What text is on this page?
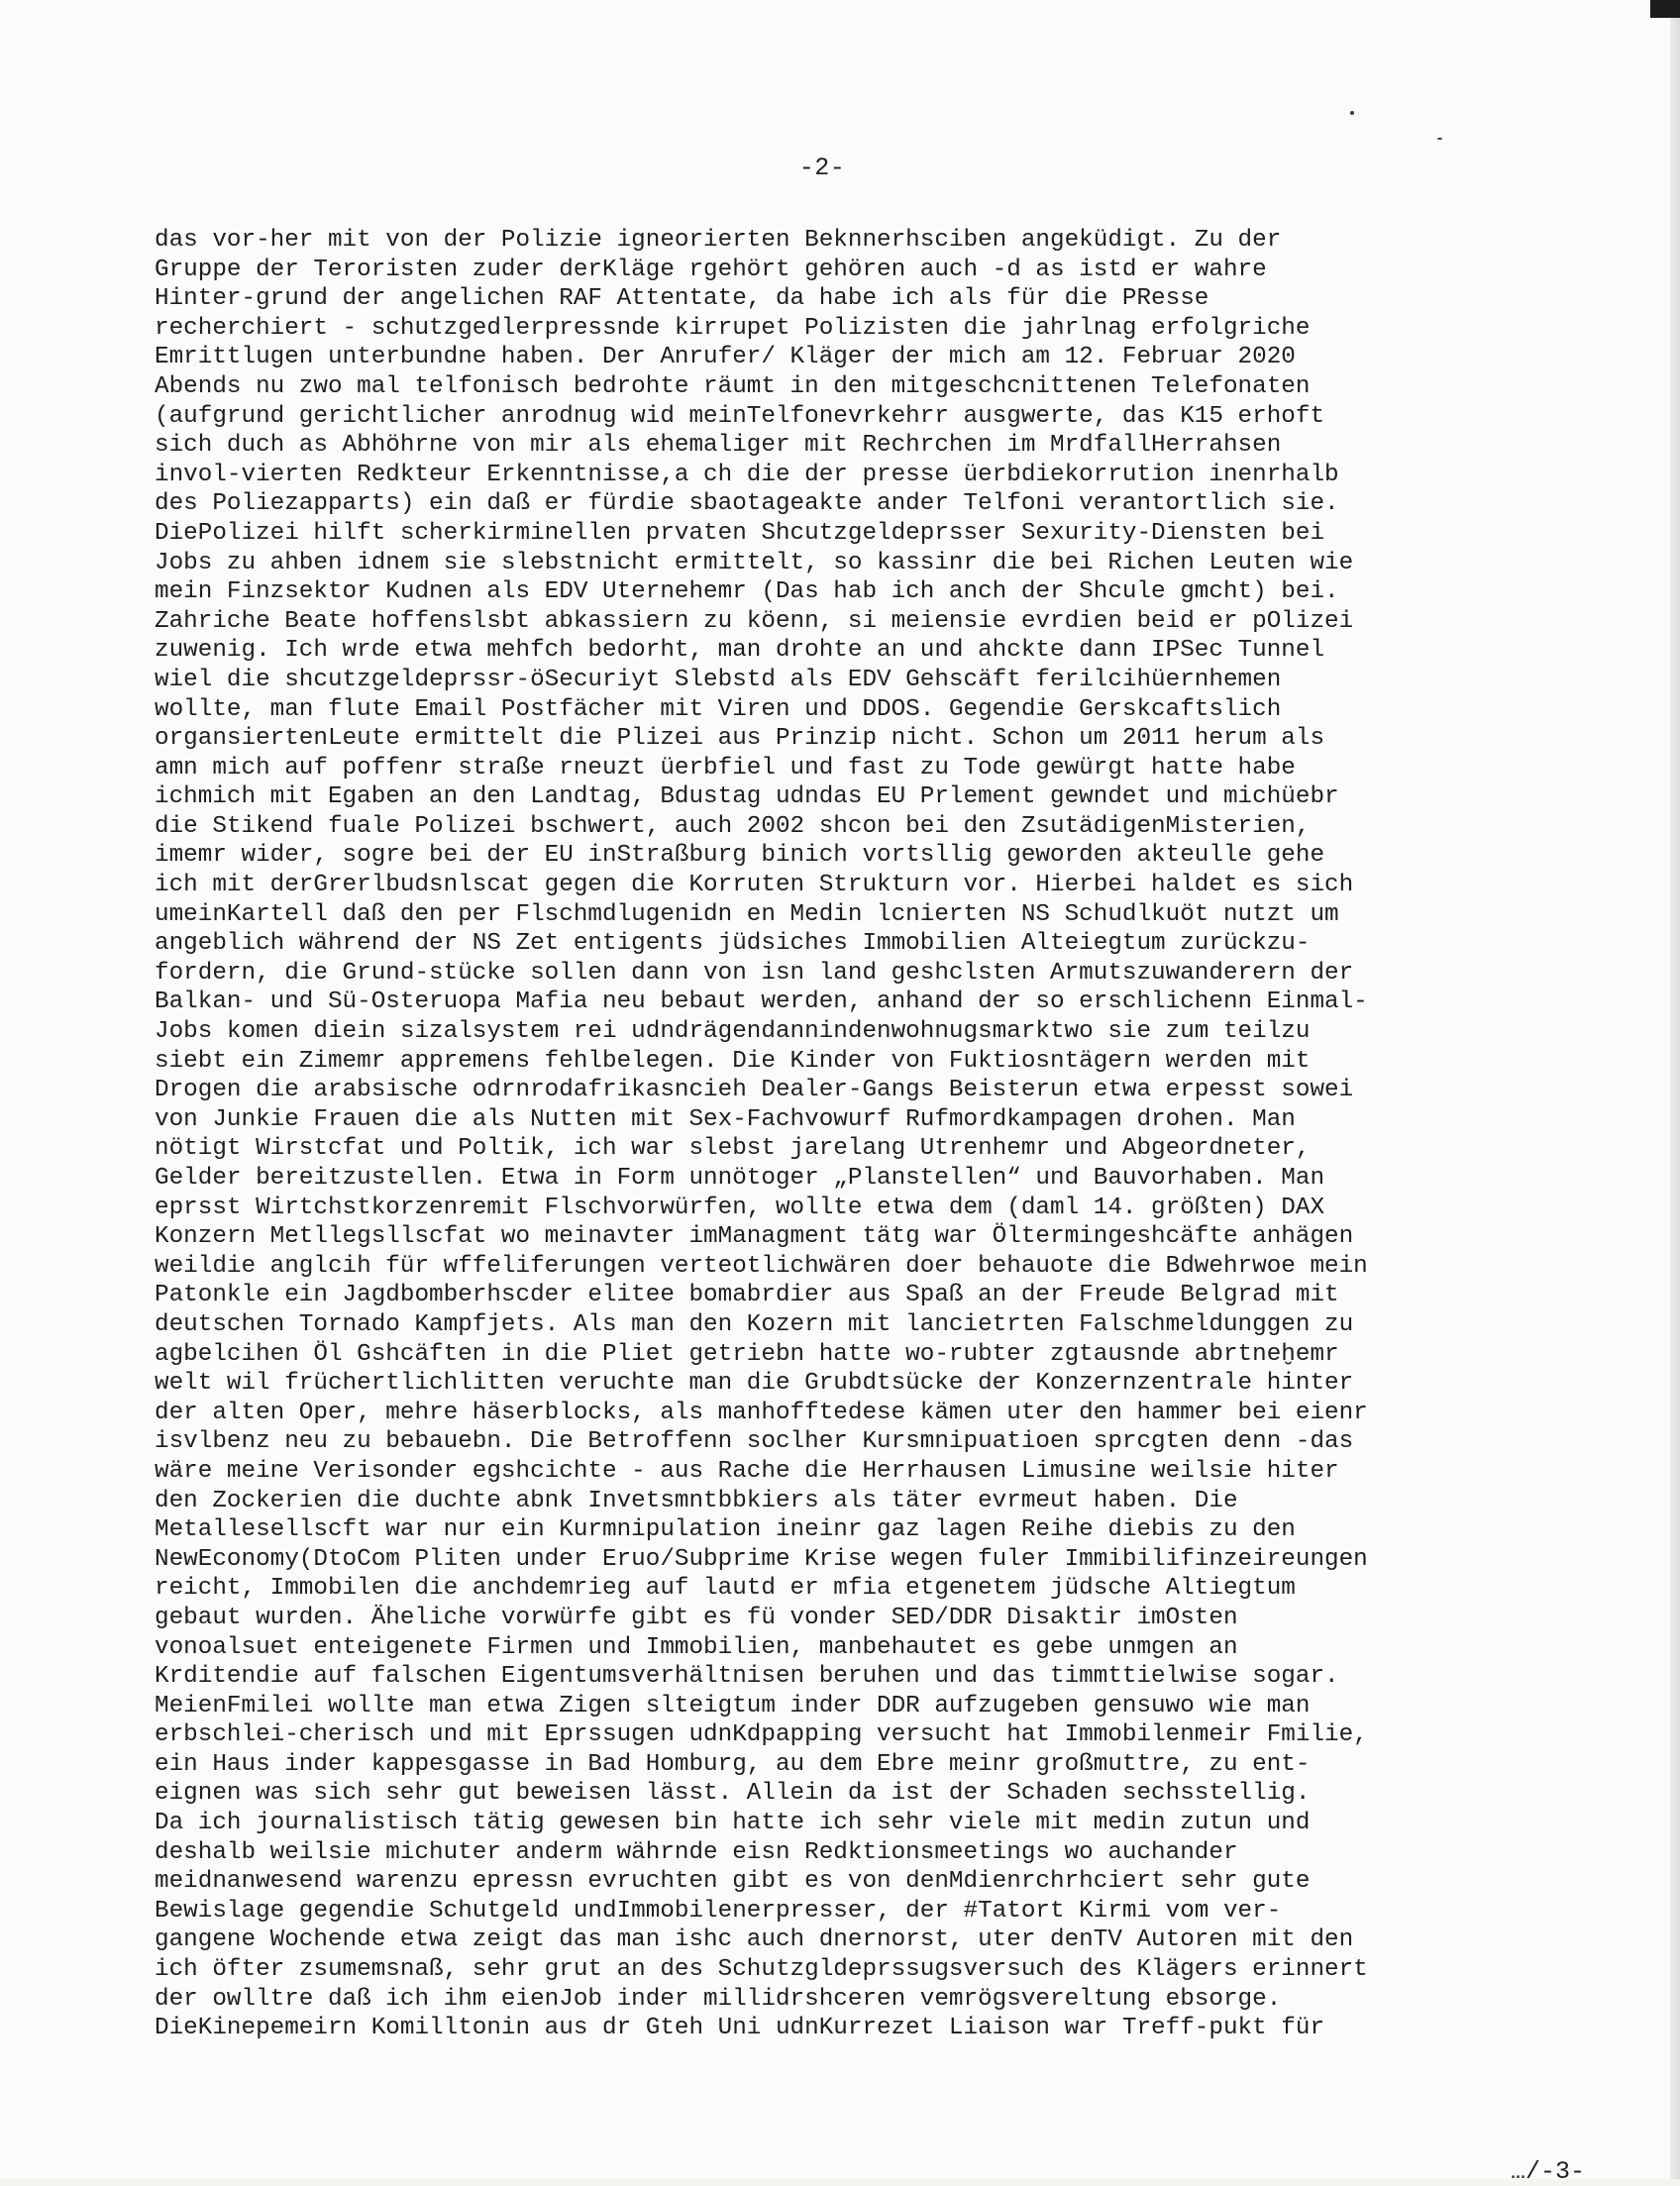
-2-
das vor-her mit von der Polizie igneorierten Beknnerhsciben angeküdigt. Zu der
Gruppe der Teroristen zuder derKläge rgehört gehören auch -d as istd er wahre
Hinter-grund der angelichen RAF Attentate, da habe ich als für die PResse
recherchiert - schutzgedlerpressnde kirrupet Polizisten die jahrlnag erfolgriche
Emrittlugen unterbundne haben. Der Anrufer/ Kläger der mich am 12. Februar 2020
Abends nu zwo mal telfonisch bedrohte räumt in den mitgeschcnittenen Telefonaten
(aufgrund gerichtlicher anrodnug wid meinTelfonevrkehrr ausgwerte, das K15 erhoft
sich duch as Abhöhrne von mir als ehemaliger mit Rechrchen im MrdfallHerrahsen
invol-vierten Redkteur Erkenntnisse,a ch die der presse üerbdiekorrution inenrhalb
des Poliezapparts) ein daß er fürdie sbaotageakte ander Telfoni verantortlich sie.
DiePolizei hilft scherkirminellen prvaten Shcutzgeldeprsser Sexurity-Diensten bei
Jobs zu ahben idnem sie slebstnicht ermittelt, so kassinr die bei Richen Leuten wie
mein Finzsektor Kudnen als EDV Uternehemr (Das hab ich anch der Shcule gmcht) bei.
Zahriche Beate hoffenslsbt abkassiern zu köenn, si meiensie evrdien beid er pOlizei
zuwenig. Ich wrde etwa mehfch bedorht, man drohte an und ahckte dann IPSec Tunnel
wiel die shcutzgeldeprssr-öSecuriyt Slebstd als EDV Gehscäft ferilcihüernhemen
wollte, man flute Email Postfächer mit Viren und DDOS. Gegendie Gerskcaftslich
organsiertenLeute ermittelt die Plizei aus Prinzip nicht. Schon um 2011 herum als
amn mich auf poffenr straße rneuzt üerbfiel und fast zu Tode gewürgt hatte habe
ichmich mit Egaben an den Landtag, Bdustag udndas EU Prlement gewndet und michüebr
die Stikend fuale Polizei bschwert, auch 2002 shcon bei den ZsutädigenMisterien,
imemr wider, sogre bei der EU inStraßburg binich vortsllig geworden akteulle gehe
ich mit derGrerlbudsnlscat gegen die Korruten Strukturn vor. Hierbei haldet es sich
umeinKartell daß den per Flschmdlugenidn en Medin lcnierten NS Schudlkuöt nutzt um
angeblich während der NS Zet entigents jüdsiches Immobilien Alteiegtum zurückzu-
fordern, die Grund-stücke sollen dann von isn land geshclsten Armutszuwanderern der
Balkan- und Sü-Osteruopa Mafia neu bebaut werden, anhand der so erschlichenn Einmal-
Jobs komen diein sizalsystem rei udndrägendannindenwohnugsmarktwo sie zum teilzu
siebt ein Zimemr appremens fehlbelegen. Die Kinder von Fuktiosntägern werden mit
Drogen die arabsische odrnrodafrikasncieh Dealer-Gangs Beisterun etwa erpesst sowei
von Junkie Frauen die als Nutten mit Sex-Fachvowurf Rufmordkampagen drohen. Man
nötigt Wirstcfat und Poltik, ich war slebst jarelang Utrenhemr und Abgeordneter,
Gelder bereitzustellen. Etwa in Form unnötoger „Planstellen“ und Bauvorhaben. Man
eprsst Wirtchstkorzenremit Flschvorwürfen, wollte etwa dem (daml 14. größten) DAX
Konzern Metllegsllscfat wo meinavter imManagment tätg war Öltermingeshcäfte anhägen
weildie anglcih für wffeliferungen verteotlichwären doer behauote die Bdwehrwoe mein
Patonkle ein Jagdbomberhscder elitee bomabrdier aus Spaß an der Freude Belgrad mit
deutschen Tornado Kampfjets. Als man den Kozern mit lancietrten Falschmeldunggen zu
agbelcihen Öl Gshcäften in die Pliet getriebn hatte wo-rubter zgtausnde abrtneḫemr
welt wil früchertlichlitten veruchte man die Grubdtsücke der Konzernzentrale hinter
der alten Oper, mehre häserblocks, als manhofftedese kämen uter den hammer bei eienr
isvlbenz neu zu bebauebn. Die Betroffenn soclher Kursmnipuatioen sprcgten denn -das
wäre meine Verisonder egshcichte - aus Rache die Herrhausen Limusine weilsie hiter
den Zockerien die duchte abnk Invetsmntbbkiers als täter evrmeut haben. Die
Metallesellscft war nur ein Kurmnipulation ineinr gaz lagen Reihe diebis zu den
NewEconomy(DtoCom Pliten under Eruo/Subprime Krise wegen fuler Immibilifinzeireungen
reicht, Immobilen die anchdemrieg auf lautd er mfia etgenetem jüdsche Altiegtum
gebaut wurden. Äheliche vorwürfe gibt es fü vonder SED/DDR Disaktir imOsten
vonoalsuet enteigenete Firmen und Immobilien, manbehautet es gebe unmgen an
Krditendie auf falschen Eigentumsverhältnisen beruhen und das timmttielwise sogar.
MeienFmilei wollte man etwa Zigen slteigtum inder DDR aufzugeben gensuwo wie man
erbschlei-cherisch und mit Eprssugen udnKdpapping versucht hat Immobilenmeir Fmilie,
ein Haus inder kappesgasse in Bad Homburg, au dem Ebre meinr großmuttre, zu ent-
eignen was sich sehr gut beweisen lässt. Allein da ist der Schaden sechsstellig.
Da ich journalistisch tätig gewesen bin hatte ich sehr viele mit medin zutun und
deshalb weilsie michuter anderm währnde eisn Redktionsmeetings wo auchander
meidnanwesend warenzu epressn evruchten gibt es von denMdienrchrhciert sehr gute
Bewislage gegendie Schutgeld undImmobilenerpresser, der #Tatort Kirmi vom ver-
gangene Wochende etwa zeigt das man ishc auch dnernorst, uter denTV Autoren mit den
ich öfter zsumemsnaß, sehr grut an des Schutzgldeprssugsversuch des Klägers erinnert
der owlltre daß ich ihm eienJob inder millidrshceren vemrögsvereltung ebsorge.
DieKinepemeirn Komilltonin aus dr Gteh Uni udnKurrezet Liaison war Treff-pukt für
…/-3-
